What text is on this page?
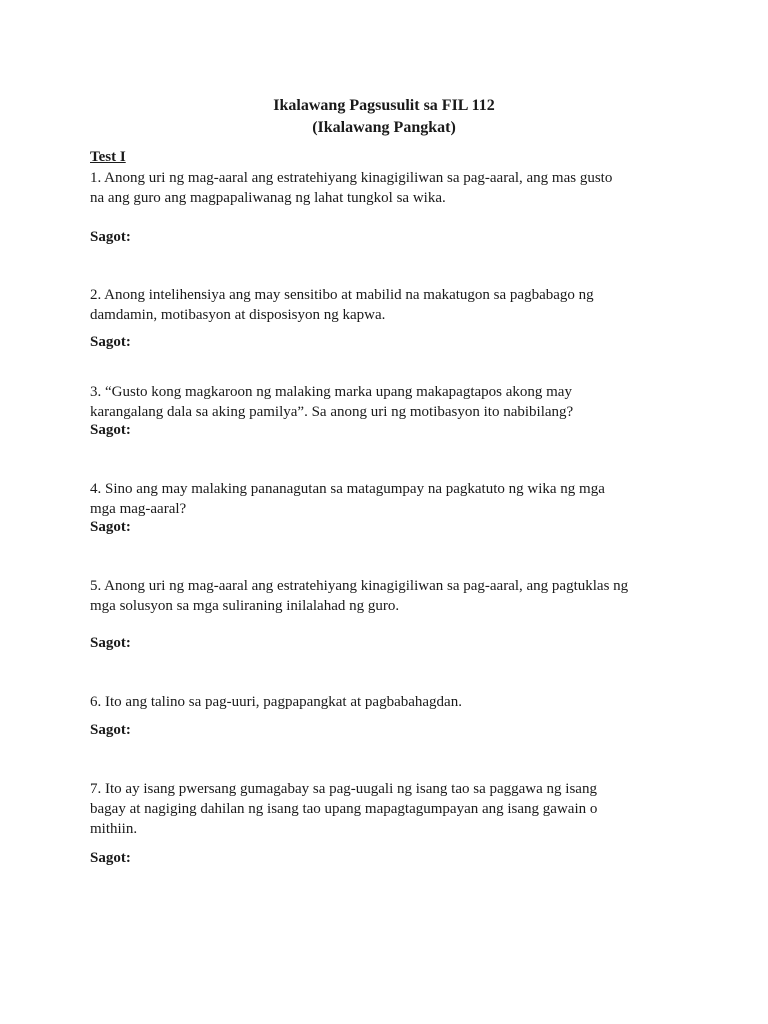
Ikalawang Pagsusulit sa FIL 112
(Ikalawang Pangkat)
Test I
1. Anong uri ng mag-aaral ang estratehiyang kinagigiliwan sa pag-aaral, ang mas gusto
na ang guro ang magpapaliwanag ng lahat tungkol sa wika.
Sagot:
2. Anong intelihensiya ang may sensitibo at mabilid na makatugon sa pagbabago ng
damdamin, motibasyon at disposisyon ng kapwa.
Sagot:
3. “Gusto kong magkaroon ng malaking marka upang makapagtapos akong may
karangalang dala sa aking pamilya”. Sa anong uri ng motibasyon ito nabibilang?
Sagot:
4. Sino ang may malaking pananagutan sa matagumpay na pagkatuto ng wika ng mga
mga mag-aaral?
Sagot:
5. Anong uri ng mag-aaral ang estratehiyang kinagigiliwan sa pag-aaral, ang pagtuklas ng
mga solusyon sa mga suliraning inilalahad ng guro.
Sagot:
6. Ito ang talino sa pag-uuri, pagpapangkat at pagbabahagdan.
Sagot:
7. Ito ay isang pwersang gumagabay sa pag-uugali ng isang tao sa paggawa ng isang
bagay at nagiging dahilan ng isang tao upang mapagtagumpayan ang isang gawain o
mithiin.
Sagot:
